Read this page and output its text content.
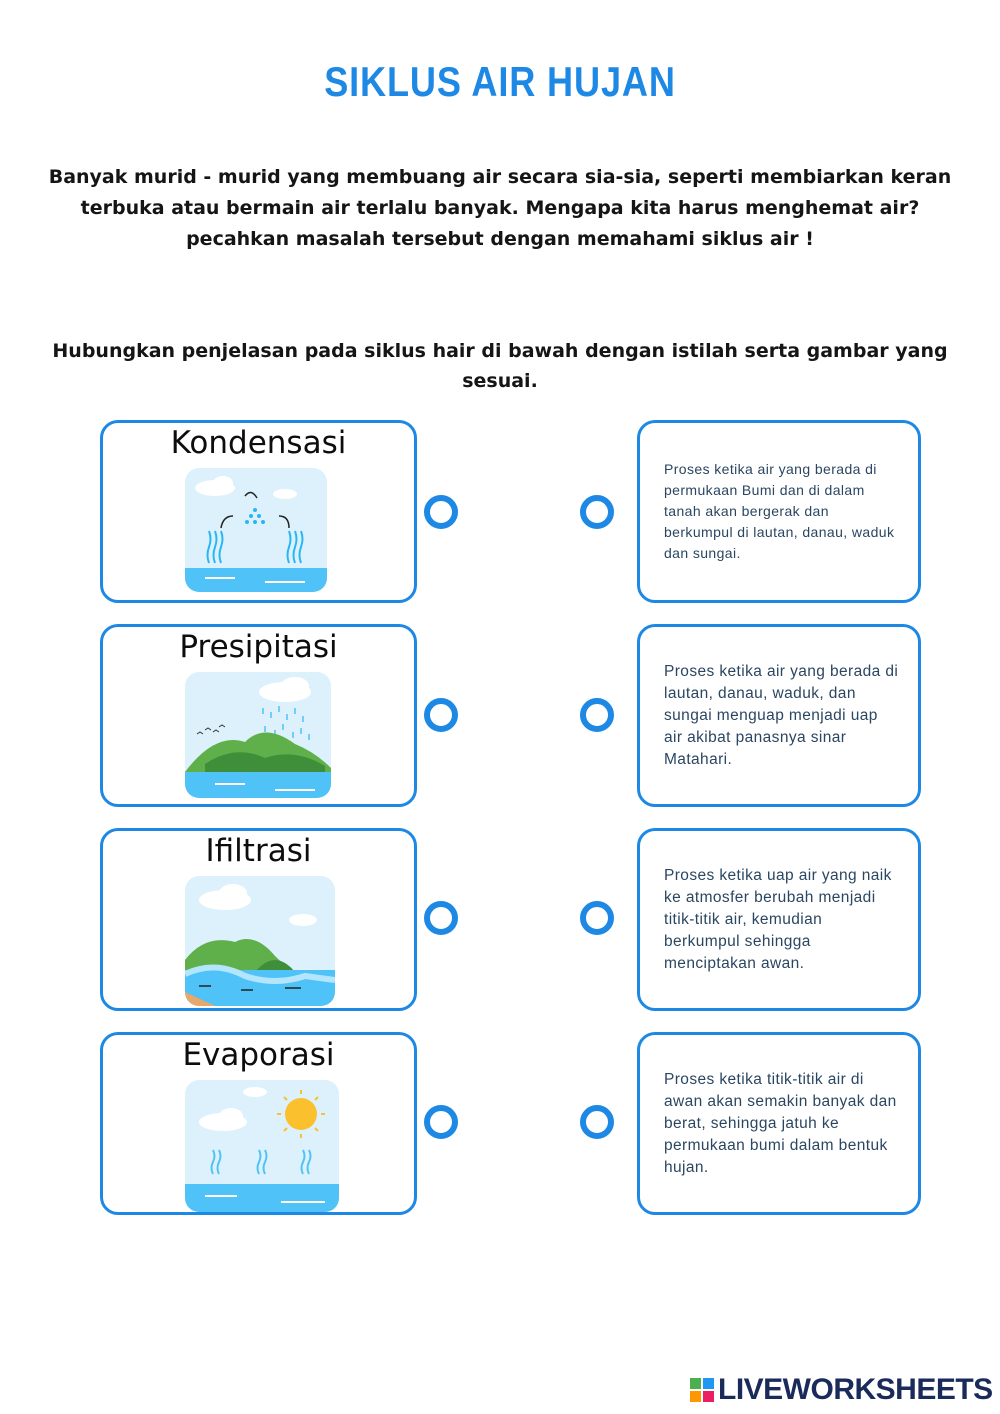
SIKLUS AIR HUJAN
Banyak murid - murid yang membuang air secara sia-sia, seperti membiarkan keran terbuka atau bermain air terlalu banyak. Mengapa kita harus menghemat air? pecahkan masalah tersebut dengan memahami siklus air !
Hubungkan penjelasan pada siklus hair di bawah dengan istilah serta gambar yang sesuai.
Kondensasi
Proses ketika air yang berada di permukaan Bumi dan di dalam tanah akan bergerak dan berkumpul di lautan, danau, waduk dan sungai.
Presipitasi
Proses ketika air yang berada di lautan, danau, waduk, dan sungai menguap menjadi uap air akibat panasnya sinar Matahari.
Ifiltrasi
Proses ketika uap air yang naik ke atmosfer berubah menjadi titik-titik air, kemudian berkumpul sehingga menciptakan awan.
Evaporasi
Proses ketika titik-titik air di awan akan semakin banyak dan berat, sehingga jatuh ke permukaan bumi dalam bentuk hujan.
LIVEWORKSHEETS
